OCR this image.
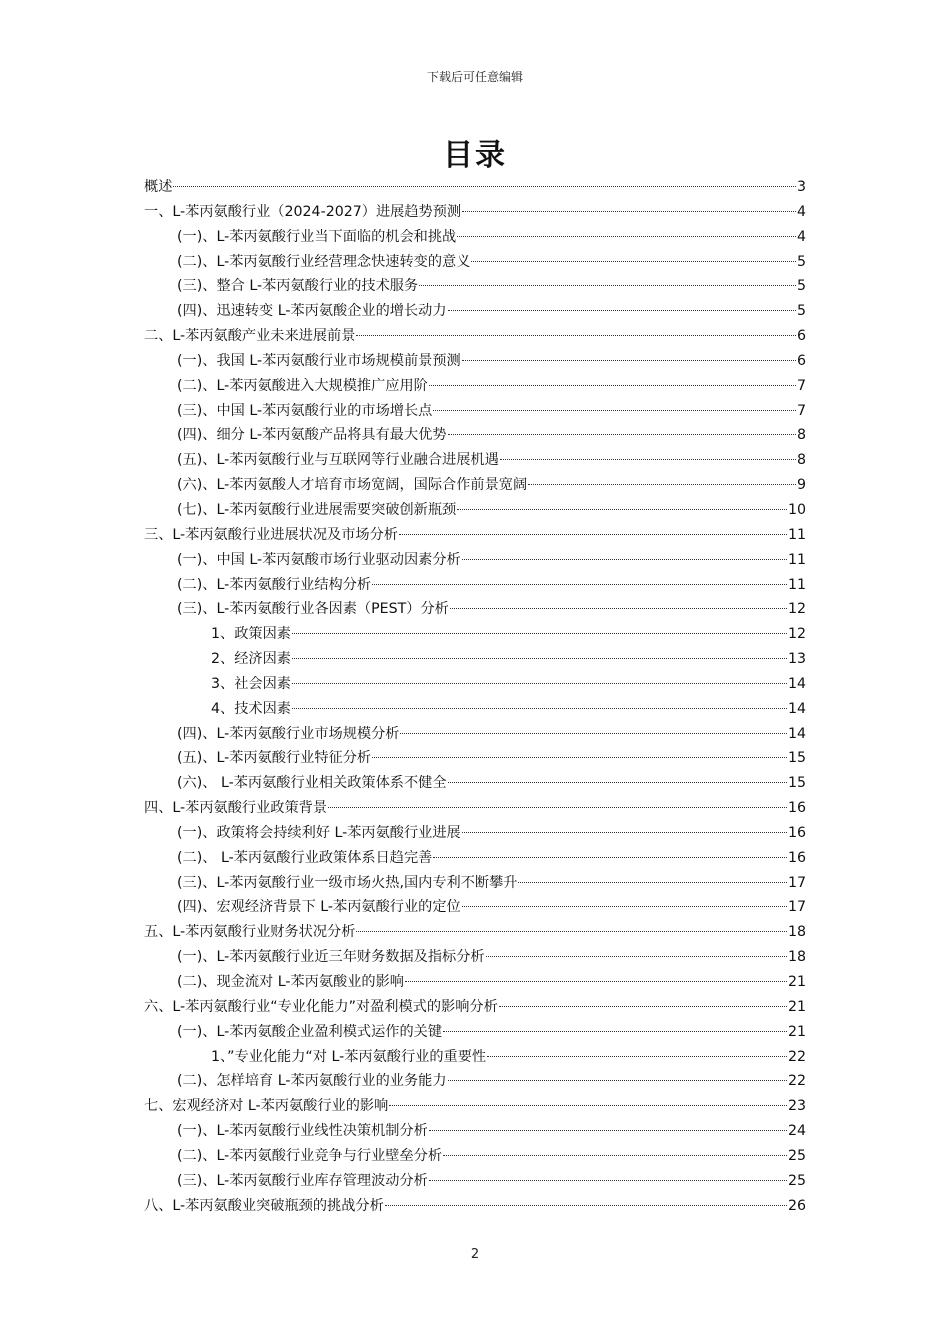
下载后可任意编辑
目录
概述	3
一、L-苯丙氨酸行业（2024-2027）进展趋势预测	4
(一)、L-苯丙氨酸行业当下面临的机会和挑战	4
(二)、L-苯丙氨酸行业经营理念快速转变的意义	5
(三)、整合 L-苯丙氨酸行业的技术服务	5
(四)、迅速转变 L-苯丙氨酸企业的增长动力	5
二、L-苯丙氨酸产业未来进展前景	6
(一)、我国 L-苯丙氨酸行业市场规模前景预测	6
(二)、L-苯丙氨酸进入大规模推广应用阶	7
(三)、中国 L-苯丙氨酸行业的市场增长点	7
(四)、细分 L-苯丙氨酸产品将具有最大优势	8
(五)、L-苯丙氨酸行业与互联网等行业融合进展机遇	8
(六)、L-苯丙氨酸人才培育市场宽阔，国际合作前景宽阔	9
(七)、L-苯丙氨酸行业进展需要突破创新瓶颈	10
三、L-苯丙氨酸行业进展状况及市场分析	11
(一)、中国 L-苯丙氨酸市场行业驱动因素分析	11
(二)、L-苯丙氨酸行业结构分析	11
(三)、L-苯丙氨酸行业各因素（PEST）分析	12
1、政策因素	12
2、经济因素	13
3、社会因素	14
4、技术因素	14
(四)、L-苯丙氨酸行业市场规模分析	14
(五)、L-苯丙氨酸行业特征分析	15
(六)、 L-苯丙氨酸行业相关政策体系不健全	15
四、L-苯丙氨酸行业政策背景	16
(一)、政策将会持续利好 L-苯丙氨酸行业进展	16
(二)、 L-苯丙氨酸行业政策体系日趋完善	16
(三)、L-苯丙氨酸行业一级市场火热,国内专利不断攀升	17
(四)、宏观经济背景下 L-苯丙氨酸行业的定位	17
五、L-苯丙氨酸行业财务状况分析	18
(一)、L-苯丙氨酸行业近三年财务数据及指标分析	18
(二)、现金流对 L-苯丙氨酸业的影响	21
六、L-苯丙氨酸行业“专业化能力”对盈利模式的影响分析	21
(一)、L-苯丙氨酸企业盈利模式运作的关键	21
1、”专业化能力“对 L-苯丙氨酸行业的重要性	22
(二)、怎样培育 L-苯丙氨酸行业的业务能力	22
七、宏观经济对 L-苯丙氨酸行业的影响	23
(一)、L-苯丙氨酸行业线性决策机制分析	24
(二)、L-苯丙氨酸行业竞争与行业壁垒分析	25
(三)、L-苯丙氨酸行业库存管理波动分析	25
八、L-苯丙氨酸业突破瓶颈的挑战分析	26
2
